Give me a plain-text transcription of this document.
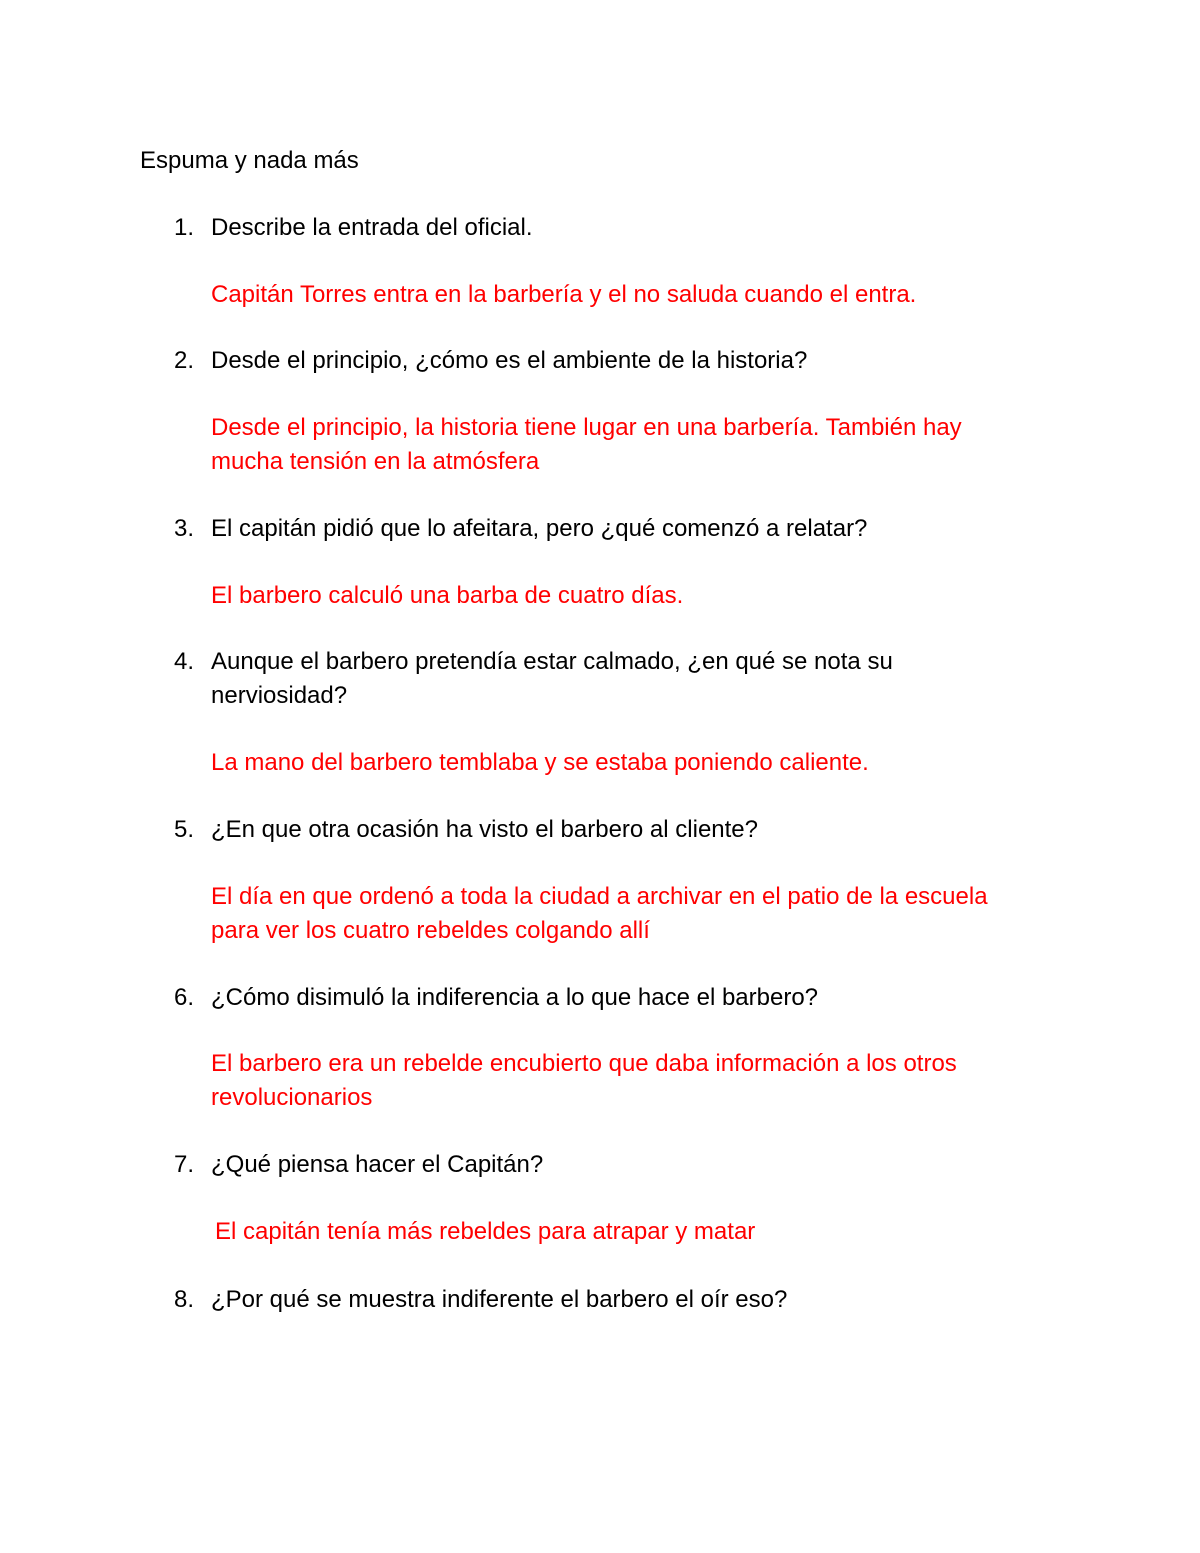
Espuma y nada más
1. Describe la entrada del oficial.
Capitán Torres entra en la barbería y el no saluda cuando el entra.
2. Desde el principio, ¿cómo es el ambiente de la historia?
Desde el principio, la historia tiene lugar en una barbería. También hay mucha tensión en la atmósfera
3. El capitán pidió que lo afeitara, pero ¿qué comenzó a relatar?
El barbero calculó una barba de cuatro días.
4. Aunque el barbero pretendía estar calmado, ¿en qué se nota su nerviosidad?
La mano del barbero temblaba y se estaba poniendo caliente.
5. ¿En que otra ocasión ha visto el barbero al cliente?
El día en que ordenó a toda la ciudad a archivar en el patio de la escuela para ver los cuatro rebeldes colgando allí
6. ¿Cómo disimuló la indiferencia a lo que hace el barbero?
El barbero era un rebelde encubierto que daba información a los otros revolucionarios
7. ¿Qué piensa hacer el Capitán?
El capitán tenía más rebeldes para atrapar y matar
8. ¿Por qué se muestra indiferente el barbero el oír eso?
